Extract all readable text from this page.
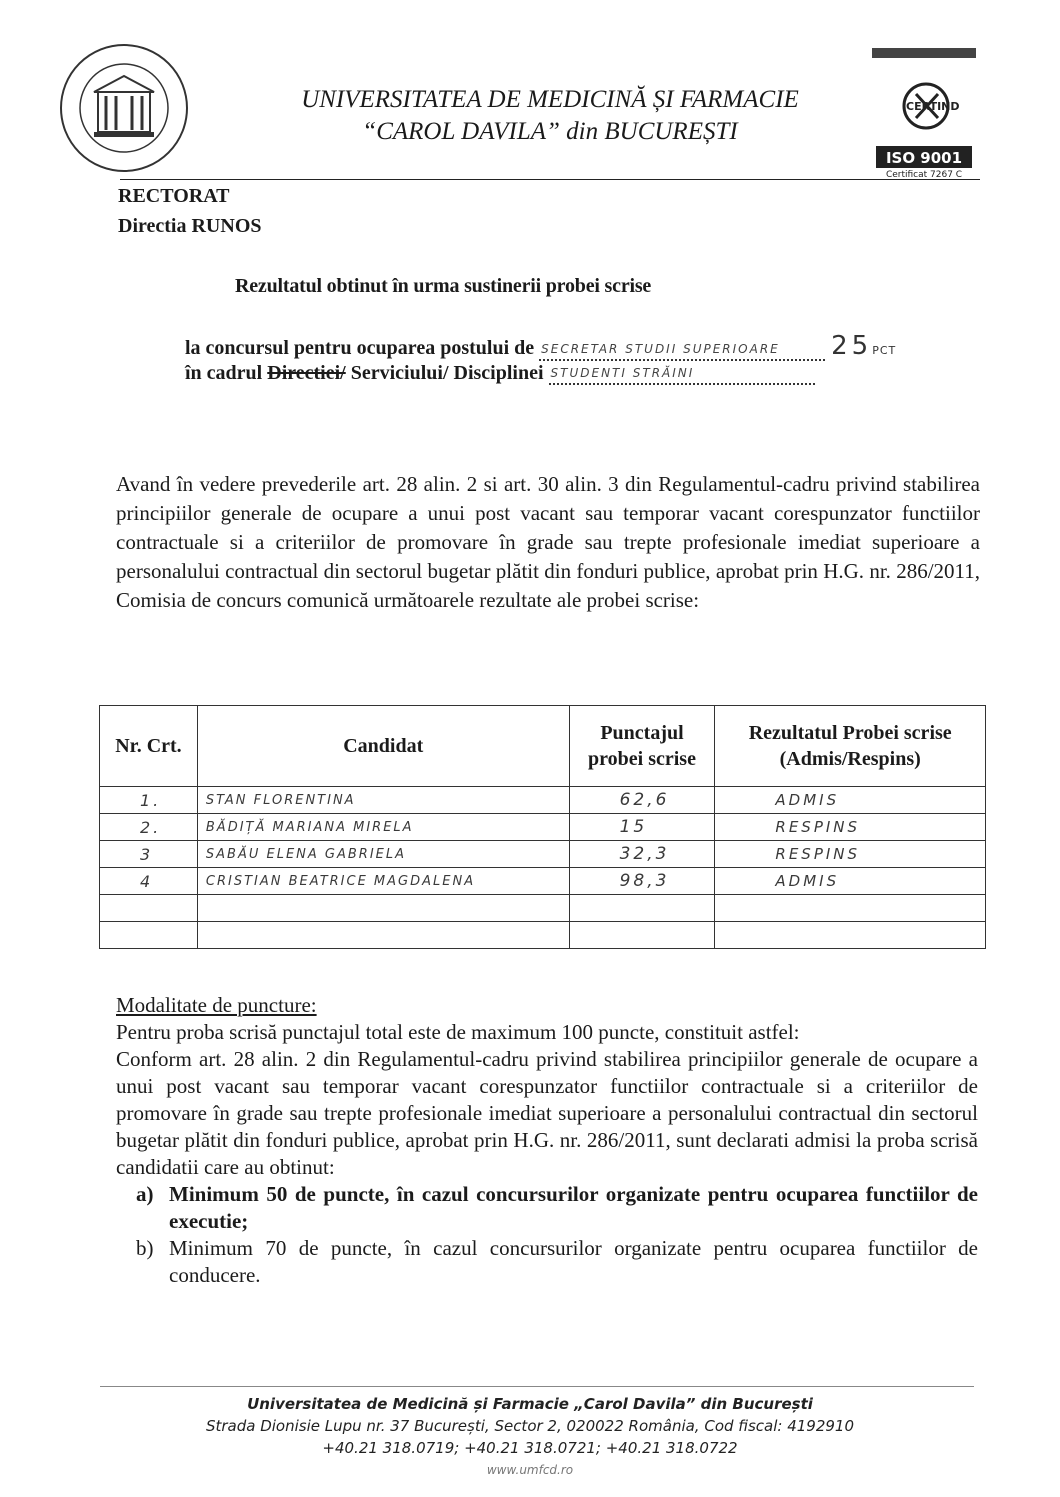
UNIVERSITATEA DE MEDICINĂ ȘI FARMACIE
“CAROL DAVILA” din BUCUREȘTI
CERTIND
ISO 9001
Certificat 7267 C
RECTORAT
Directia RUNOS
Rezultatul obtinut în urma sustinerii probei scrise
la concursul pentru ocuparea postului de SECRETAR STUDII SUPERIOARE 25PCT
în cadrul Directiei/ Serviciului/ Disciplinei STUDENTI STRĂINI
Avand în vedere prevederile art. 28 alin. 2 si art. 30 alin. 3 din Regulamentul-cadru privind stabilirea principiilor generale de ocupare a unui post vacant sau temporar vacant corespunzator functiilor contractuale si a criteriilor de promovare în grade sau trepte profesionale imediat superioare a personalului contractual din sectorul bugetar plătit din fonduri publice, aprobat prin H.G. nr. 286/2011, Comisia de concurs comunică următoarele rezultate ale probei scrise:
Nr. Crt.	Candidat	Punctajul probei scrise	Rezultatul Probei scrise (Admis/Respins)
1.	STAN FLORENTINA	62,6	ADMIS
2.	BĂDIȚĂ MARIANA MIRELA	15	RESPINS
3	SABĂU ELENA GABRIELA	32,3	RESPINS
4	CRISTIAN BEATRICE MAGDALENA	98,3	ADMIS

Modalitate de puncture:
Pentru proba scrisă punctajul total este de maximum 100 puncte, constituit astfel:
Conform art. 28 alin. 2 din Regulamentul-cadru privind stabilirea principiilor generale de ocupare a unui post vacant sau temporar vacant corespunzator functiilor contractuale si a criteriilor de promovare în grade sau trepte profesionale imediat superioare a personalului contractual din sectorul bugetar plătit din fonduri publice, aprobat prin H.G. nr. 286/2011, sunt declarati admisi la proba scrisă candidatii care au obtinut:
a) Minimum 50 de puncte, în cazul concursurilor organizate pentru ocuparea functiilor de executie;
b) Minimum 70 de puncte, în cazul concursurilor organizate pentru ocuparea functiilor de conducere.
Universitatea de Medicină și Farmacie „Carol Davila” din București
Strada Dionisie Lupu nr. 37 București, Sector 2, 020022 România, Cod fiscal: 4192910
+40.21 318.0719; +40.21 318.0721; +40.21 318.0722
www.umfcd.ro
